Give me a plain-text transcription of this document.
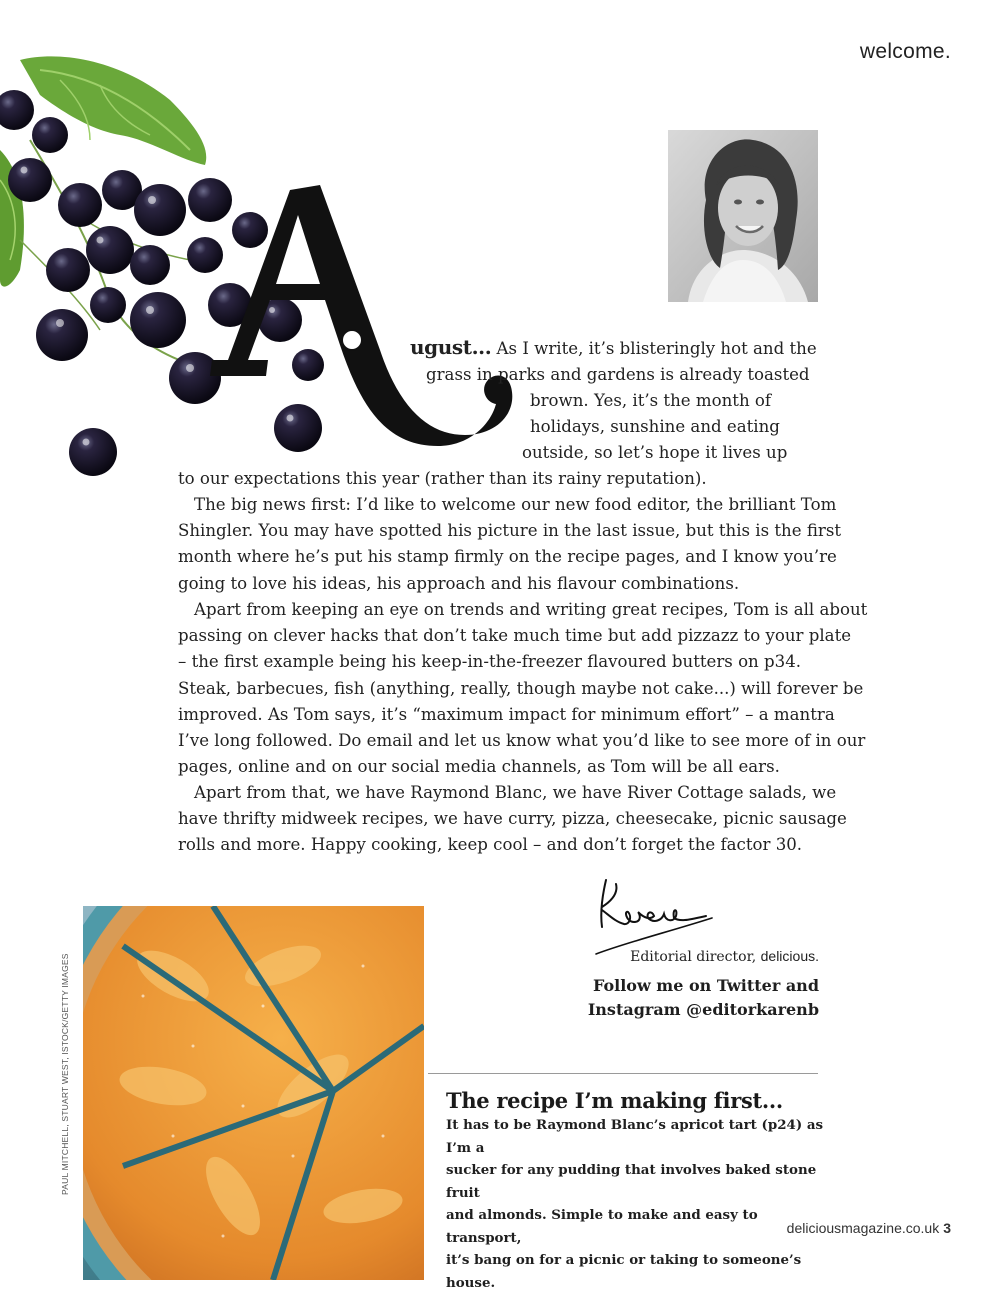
welcome.
A
ugust... As I write, it’s blisteringly hot and the
grass in parks and gardens is already toasted
brown. Yes, it’s the month of
holidays, sunshine and eating
outside, so let’s hope it lives up
to our expectations this year (rather than its rainy reputation).
The big news first: I’d like to welcome our new food editor, the brilliant Tom
Shingler. You may have spotted his picture in the last issue, but this is the first
month where he’s put his stamp firmly on the recipe pages, and I know you’re
going to love his ideas, his approach and his flavour combinations.
Apart from keeping an eye on trends and writing great recipes, Tom is all about
passing on clever hacks that don’t take much time but add pizzazz to your plate
– the first example being his keep-in-the-freezer flavoured butters on p34.
Steak, barbecues, fish (anything, really, though maybe not cake...) will forever be
improved. As Tom says, it’s “maximum impact for minimum effort” – a mantra
I’ve long followed. Do email and let us know what you’d like to see more of in our
pages, online and on our social media channels, as Tom will be all ears.
Apart from that, we have Raymond Blanc, we have River Cottage salads, we
have thrifty midweek recipes, we have curry, pizza, cheesecake, picnic sausage
rolls and more. Happy cooking, keep cool – and don’t forget the factor 30.
Editorial director, delicious.
Follow me on Twitter and
Instagram @editorkarenb
PAUL MITCHELL, STUART WEST, ISTOCK/GETTY IMAGES	The recipe I’m making first...
It has to be Raymond Blanc’s apricot tart (p24) as I’m a
sucker for any pudding that involves baked stone fruit
and almonds. Simple to make and easy to transport,
it’s bang on for a picnic or taking to someone’s house.
deliciousmagazine.co.uk 3
